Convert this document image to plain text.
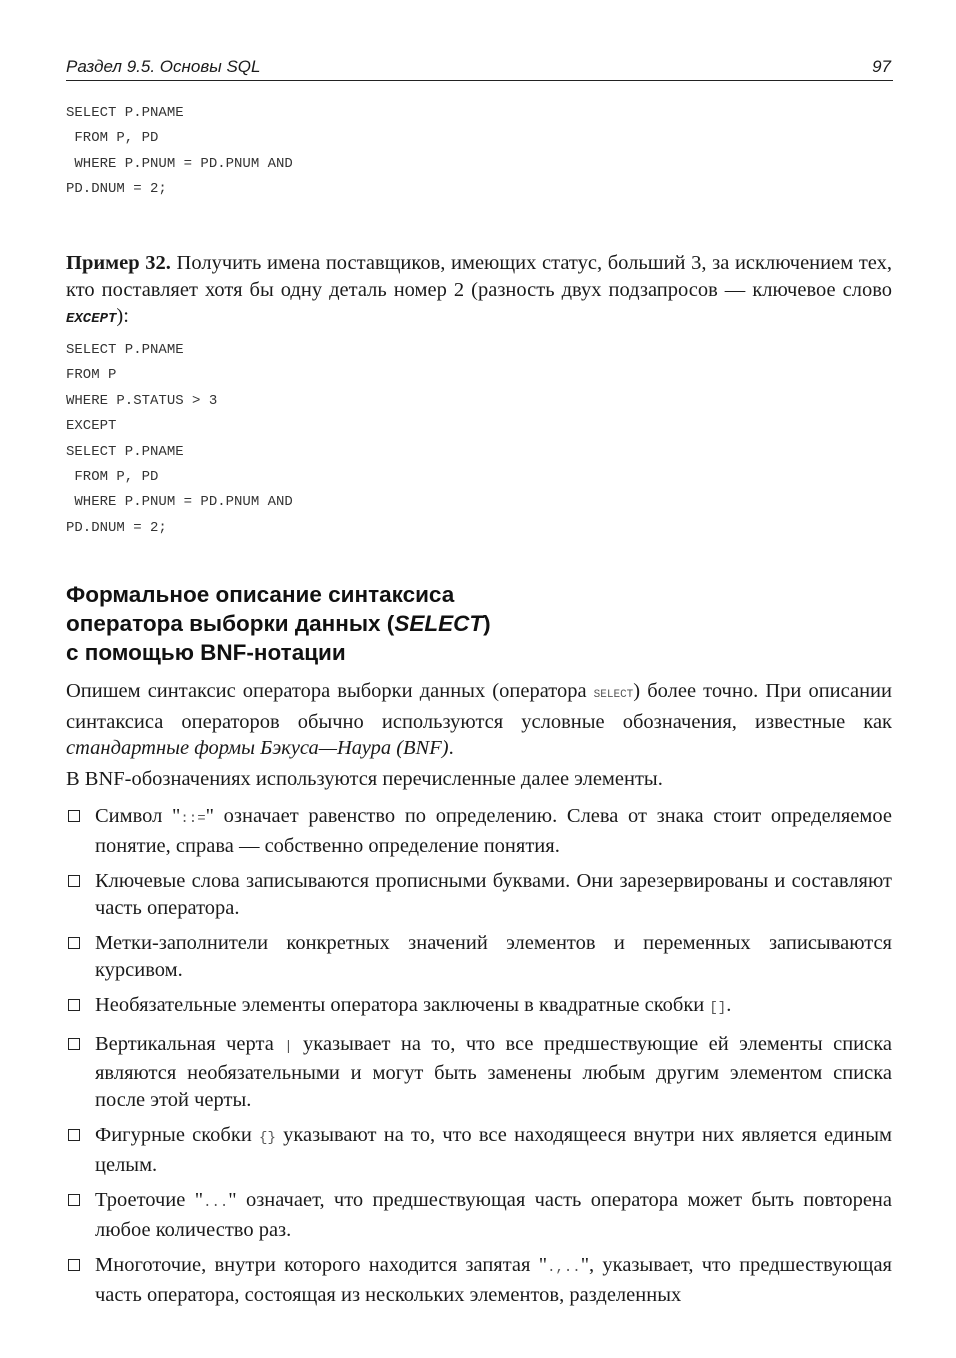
Раздел 9.5. Основы SQL	97
SELECT P.PNAME
FROM P, PD
WHERE P.PNUM = PD.PNUM AND
PD.DNUM = 2;

Пример 32. Получить имена поставщиков, имеющих статус, больший 3, за исключением тех, кто поставляет хотя бы одну деталь номер 2 (разность двух подзапросов — ключевое слово EXCEPT):

SELECT P.PNAME
FROM P
WHERE P.STATUS > 3
EXCEPT
SELECT P.PNAME
FROM P, PD
WHERE P.PNUM = PD.PNUM AND
PD.DNUM = 2;
Формальное описание синтаксиса
оператора выборки данных (SELECT)
с помощью BNF-нотации

Опишем синтаксис оператора выборки данных (оператора SELECT) более точно. При описании синтаксиса операторов обычно используются условные обозначения, известные как стандартные формы Бэкуса—Наура (BNF).

В BNF-обозначениях используются перечисленные далее элементы.

Символ "::=" означает равенство по определению. Слева от знака стоит определяемое понятие, справа — собственно определение понятия.
Ключевые слова записываются прописными буквами. Они зарезервированы и составляют часть оператора.
Метки-заполнители конкретных значений элементов и переменных записываются курсивом.
Необязательные элементы оператора заключены в квадратные скобки [].
Вертикальная черта | указывает на то, что все предшествующие ей элементы списка являются необязательными и могут быть заменены любым другим элементом списка после этой черты.
Фигурные скобки {} указывают на то, что все находящееся внутри них является единым целым.
Троеточие "..." означает, что предшествующая часть оператора может быть повторена любое количество раз.
Многоточие, внутри которого находится запятая ".,..", указывает, что предшествующая часть оператора, состоящая из нескольких элементов, разделенных
